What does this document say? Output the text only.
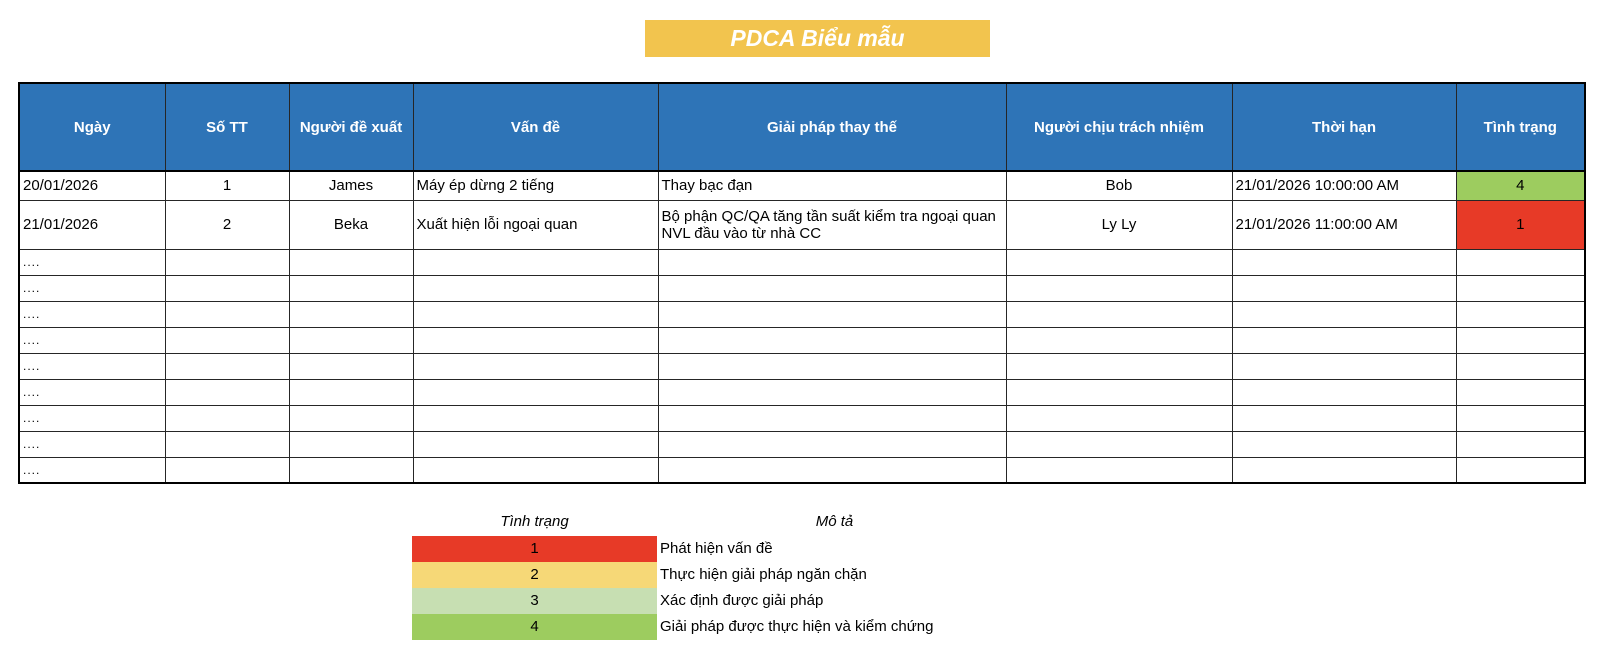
PDCA Biểu mẫu
Ngày	Số TT	Người đề xuất	Vấn đề	Giải pháp thay thế	Người chịu trách nhiệm	Thời hạn	Tình trạng
20/01/2026	1	James	Máy ép dừng 2 tiếng	Thay bạc đạn	Bob	21/01/2026 10:00:00 AM	4
21/01/2026	2	Beka	Xuất hiện lỗi ngoại quan	Bộ phận QC/QA tăng tần suất kiểm tra ngoại quan NVL đầu vào từ nhà CC	Ly Ly	21/01/2026 11:00:00 AM	1
....							
....							
....							
....							
....							
....							
....							
....							
....							
Tình trạng	Mô tả
1	Phát hiện vấn đề
2	Thực hiện giải pháp ngăn chặn
3	Xác định được giải pháp
4	Giải pháp được thực hiện và kiểm chứng
